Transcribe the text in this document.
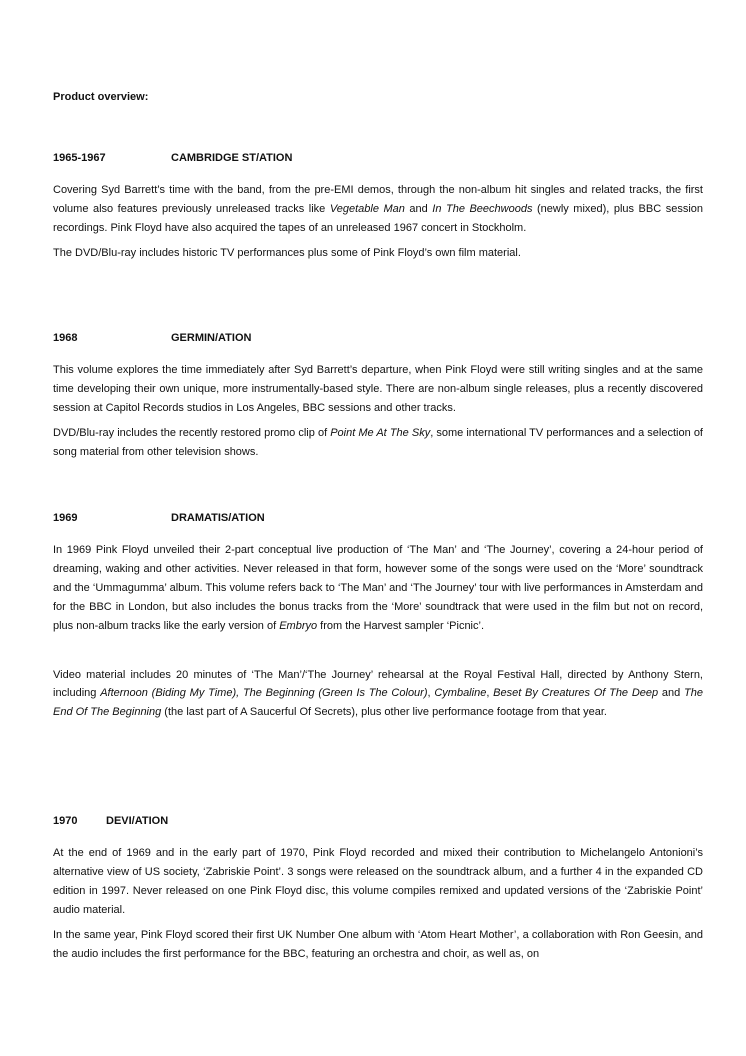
Product overview:
1965-1967	CAMBRIDGE ST/ATION

Covering Syd Barrett’s time with the band, from the pre-EMI demos, through the non-album hit singles and related tracks, the first volume also features previously unreleased tracks like Vegetable Man and In The Beechwoods (newly mixed), plus BBC session recordings. Pink Floyd have also acquired the tapes of an unreleased 1967 concert in Stockholm.

The DVD/Blu-ray includes historic TV performances plus some of Pink Floyd’s own film material.

1968	GERMIN/ATION

This volume explores the time immediately after Syd Barrett’s departure, when Pink Floyd were still writing singles and at the same time developing their own unique, more instrumentally-based style. There are non-album single releases, plus a recently discovered session at Capitol Records studios in Los Angeles, BBC sessions and other tracks.

DVD/Blu-ray includes the recently restored promo clip of Point Me At The Sky, some international TV performances and a selection of song material from other television shows.

1969	DRAMATIS/ATION

In 1969 Pink Floyd unveiled their 2-part conceptual live production of ‘The Man’ and ‘The Journey’, covering a 24-hour period of dreaming, waking and other activities. Never released in that form, however some of the songs were used on the ‘More’ soundtrack and the ‘Ummagumma’ album. This volume refers back to ‘The Man’ and ‘The Journey’ tour with live performances in Amsterdam and for the BBC in London, but also includes the bonus tracks from the ‘More’ soundtrack that were used in the film but not on record, plus non-album tracks like the early version of Embryo from the Harvest sampler ‘Picnic’.

Video material includes 20 minutes of ‘The Man’/‘The Journey’ rehearsal at the Royal Festival Hall, directed by Anthony Stern, including Afternoon (Biding My Time), The Beginning (Green Is The Colour), Cymbaline, Beset By Creatures Of The Deep and The End Of The Beginning (the last part of A Saucerful Of Secrets), plus other live performance footage from that year.

1970	DEVI/ATION

At the end of 1969 and in the early part of 1970, Pink Floyd recorded and mixed their contribution to Michelangelo Antonioni’s alternative view of US society, ‘Zabriskie Point’. 3 songs were released on the soundtrack album, and a further 4 in the expanded CD edition in 1997. Never released on one Pink Floyd disc, this volume compiles remixed and updated versions of the ‘Zabriskie Point’ audio material.

In the same year, Pink Floyd scored their first UK Number One album with ‘Atom Heart Mother’, a collaboration with Ron Geesin, and the audio includes the first performance for the BBC, featuring an orchestra and choir, as well as, on
